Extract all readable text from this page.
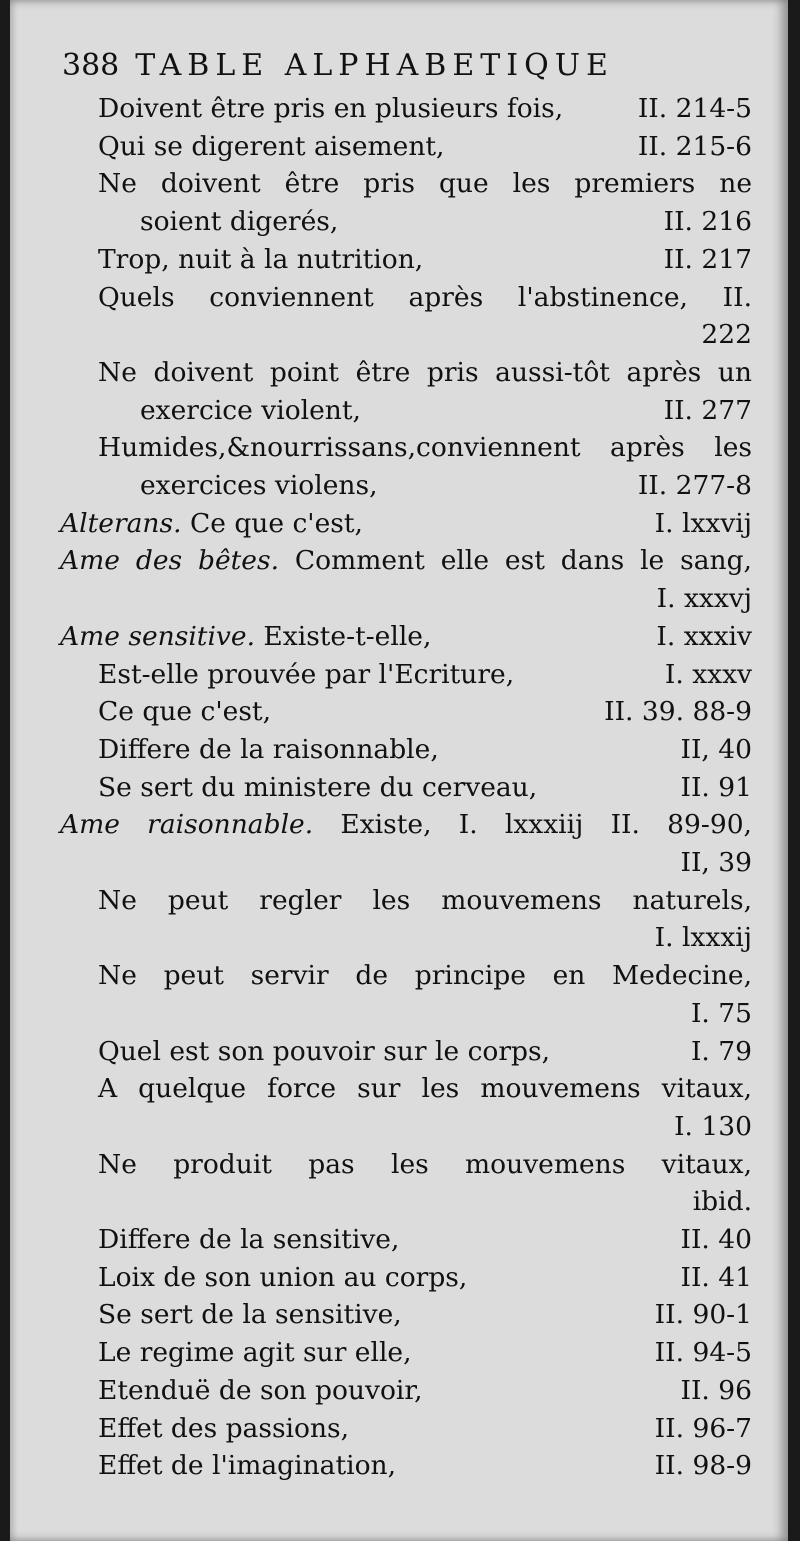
388 TABLE ALPHABETIQUE
Doivent être pris en plusieurs fois,	II. 214-5
Qui se digerent aisement,	II. 215-6
Ne doivent être pris que les premiers ne
soient digerés,	II. 216
Trop, nuit à la nutrition,	II. 217
Quels conviennent après l'abstinence, II.
222
Ne doivent point être pris aussi-tôt après un
exercice violent,	II. 277
Humides,&nourrissans,conviennent après les
exercices violens,	II. 277-8
Alterans. Ce que c'est,	I. lxxvij
Ame des bêtes. Comment elle est dans le sang,
I. xxxvj
Ame sensitive. Existe-t-elle,	I. xxxiv
Est-elle prouvée par l'Ecriture,	I. xxxv
Ce que c'est,	II. 39. 88-9
Differe de la raisonnable,	II, 40
Se sert du ministere du cerveau,	II. 91
Ame raisonnable. Existe, I. lxxxiij II. 89-90,
II, 39
Ne peut regler les mouvemens naturels,
I. lxxxij
Ne peut servir de principe en Medecine,
I. 75
Quel est son pouvoir sur le corps,	I. 79
A quelque force sur les mouvemens vitaux,
I. 130
Ne produit pas les mouvemens vitaux,
ibid.
Differe de la sensitive,	II. 40
Loix de son union au corps,	II. 41
Se sert de la sensitive,	II. 90-1
Le regime agit sur elle,	II. 94-5
Etenduë de son pouvoir,	II. 96
Effet des passions,	II. 96-7
Effet de l'imagination,	II. 98-9
